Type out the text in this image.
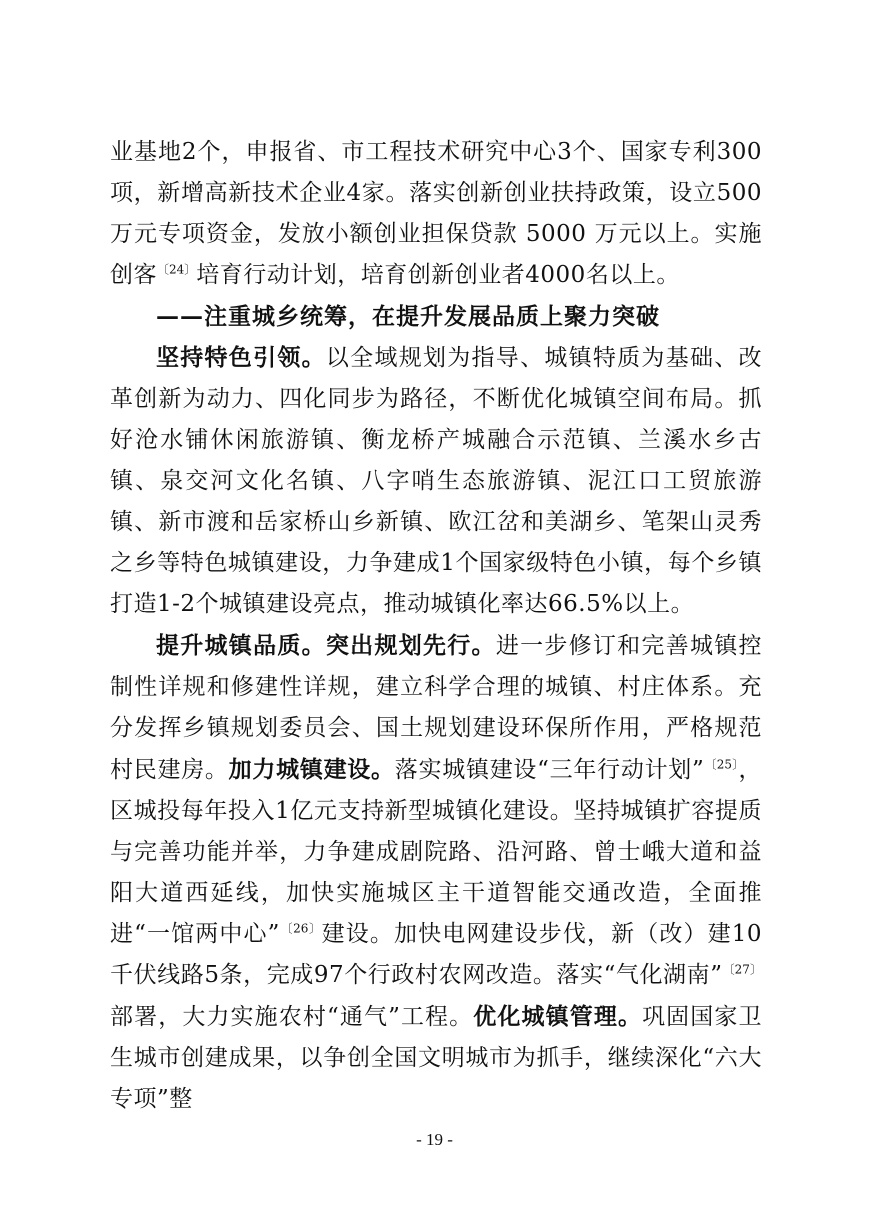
业基地2个，申报省、市工程技术研究中心3个、国家专利300项，新增高新技术企业4家。落实创新创业扶持政策，设立500万元专项资金，发放小额创业担保贷款 5000 万元以上。实施创客$^{〔24〕}$培育行动计划，培育创新创业者4000名以上。

——注重城乡统筹，在提升发展品质上聚力突破

坚持特色引领。以全域规划为指导、城镇特质为基础、改革创新为动力、四化同步为路径，不断优化城镇空间布局。抓好沧水铺休闲旅游镇、衡龙桥产城融合示范镇、兰溪水乡古镇、泉交河文化名镇、八字哨生态旅游镇、泥江口工贸旅游镇、新市渡和岳家桥山乡新镇、欧江岔和美湖乡、笔架山灵秀之乡等特色城镇建设，力争建成1个国家级特色小镇，每个乡镇打造1-2个城镇建设亮点，推动城镇化率达66.5%以上。

提升城镇品质。突出规划先行。进一步修订和完善城镇控制性详规和修建性详规，建立科学合理的城镇、村庄体系。充分发挥乡镇规划委员会、国土规划建设环保所作用，严格规范村民建房。加力城镇建设。落实城镇建设“三年行动计划”$^{〔25〕}$，区城投每年投入1亿元支持新型城镇化建设。坚持城镇扩容提质与完善功能并举，力争建成剧院路、沿河路、曾士峨大道和益阳大道西延线，加快实施城区主干道智能交通改造，全面推进“一馆两中心”$^{〔26〕}$建设。加快电网建设步伐，新（改）建10千伏线路5条，完成97个行政村农网改造。落实“气化湖南”$^{〔27〕}$部署，大力实施农村“通气”工程。优化城镇管理。巩固国家卫生城市创建成果，以争创全国文明城市为抓手，继续深化“六大专项”整

- 19 -
